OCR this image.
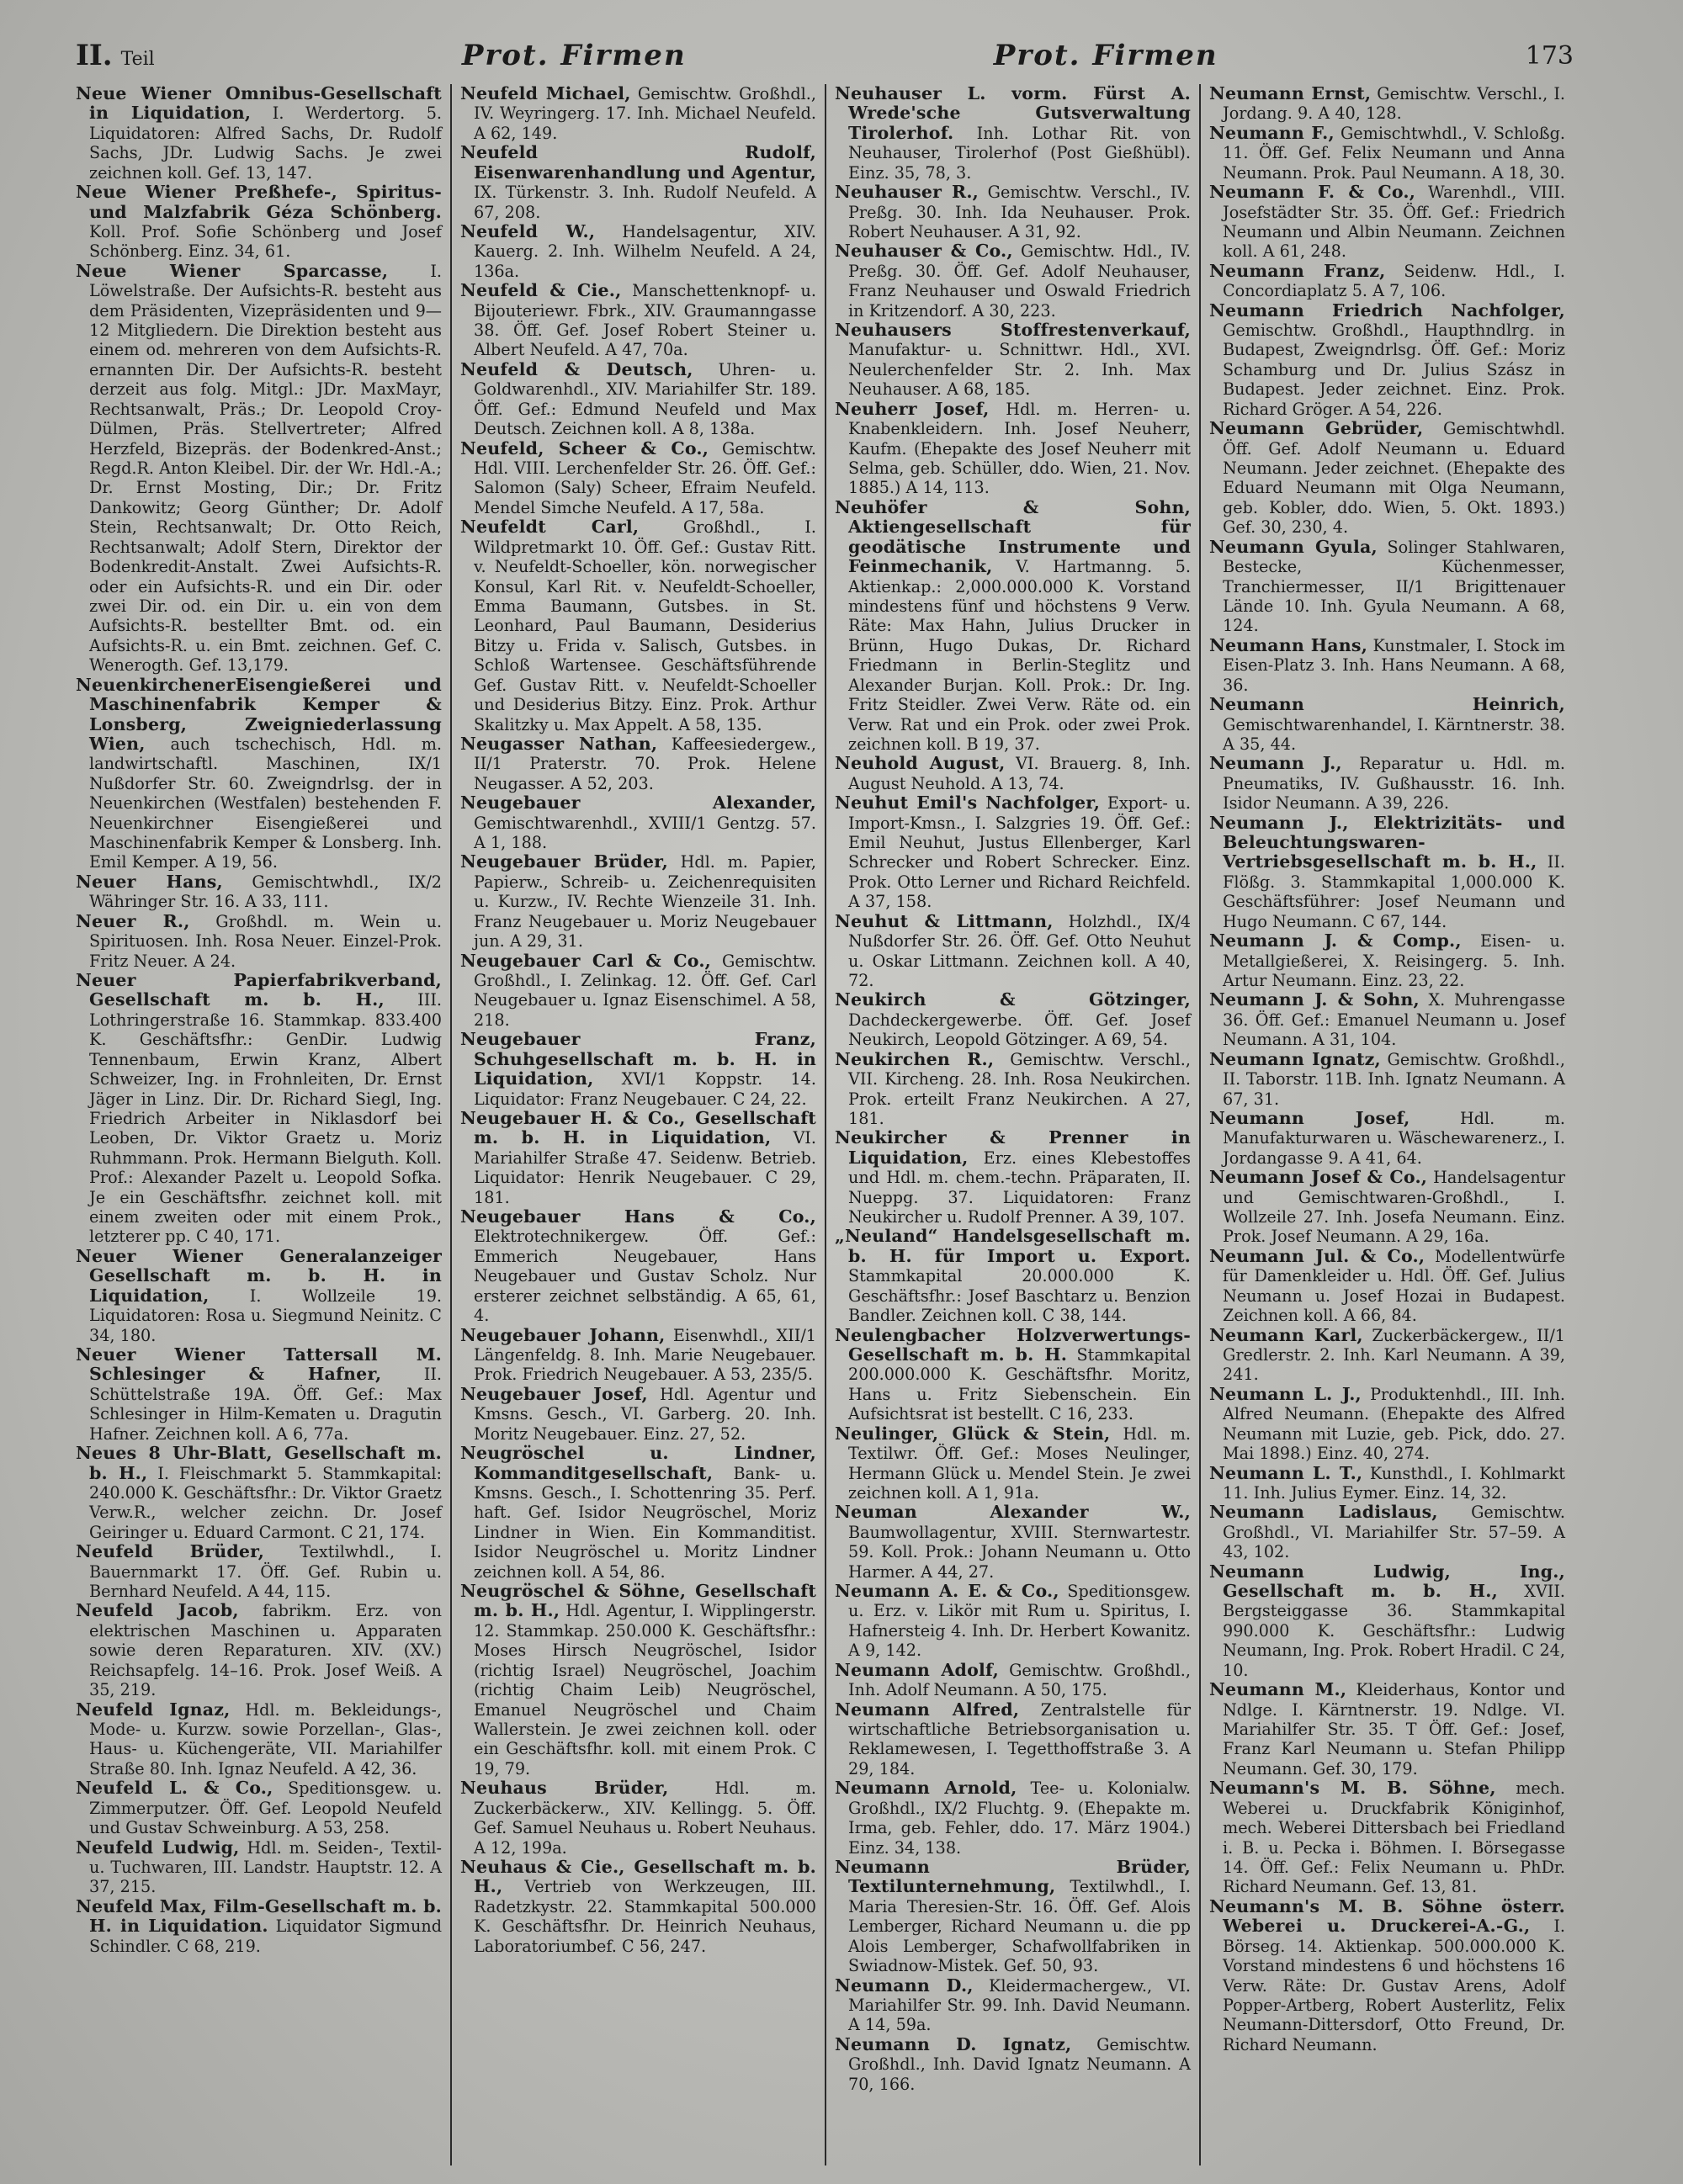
II. Teil	Prot. Firmen	Prot. Firmen	173

Neue Wiener Omnibus-Gesellschaft in Liquidation, I. Werdertorg. 5. Liquidatoren: Alfred Sachs, Dr. Rudolf Sachs, JDr. Ludwig Sachs. Je zwei zeichnen koll. Gef. 13, 147.

Neue Wiener Preßhefe-, Spiritus- und Malzfabrik Géza Schönberg. Koll. Prof. Sofie Schönberg und Josef Schönberg. Einz. 34, 61.

Neue Wiener Sparcasse, I. Löwelstraße. Der Aufsichts-R. besteht aus dem Präsidenten, Vizepräsidenten und 9—12 Mitgliedern. Die Direktion besteht aus einem od. mehreren von dem Aufsichts-R. ernannten Dir. Der Aufsichts-R. besteht derzeit aus folg. Mitgl.: JDr. MaxMayr, Rechtsanwalt, Präs.; Dr. Leopold Croy-Dülmen, Präs. Stellvertreter; Alfred Herzfeld, Bizepräs. der Bodenkred-Anst.; Regd.R. Anton Kleibel. Dir. der Wr. Hdl.-A.; Dr. Ernst Mosting, Dir.; Dr. Fritz Dankowitz; Georg Günther; Dr. Adolf Stein, Rechtsanwalt; Dr. Otto Reich, Rechtsanwalt; Adolf Stern, Direktor der Bodenkredit-Anstalt. Zwei Aufsichts-R. oder ein Aufsichts-R. und ein Dir. oder zwei Dir. od. ein Dir. u. ein von dem Aufsichts-R. bestellter Bmt. od. ein Aufsichts-R. u. ein Bmt. zeichnen. Gef. C. Wenerogth. Gef. 13,179.

NeuenkirchenerEisengießerei und Maschinenfabrik Kemper & Lonsberg, Zweigniederlassung Wien, auch tschechisch, Hdl. m. landwirtschaftl. Maschinen, IX/1 Nußdorfer Str. 60. Zweigndrlsg. der in Neuenkirchen (Westfalen) bestehenden F. Neuenkirchner Eisengießerei und Maschinenfabrik Kemper & Lonsberg. Inh. Emil Kemper. A 19, 56.

Neuer Hans, Gemischtwhdl., IX/2 Währinger Str. 16. A 33, 111.

Neuer R., Großhdl. m. Wein u. Spirituosen. Inh. Rosa Neuer. Einzel-Prok. Fritz Neuer. A 24.

Neuer Papierfabrikverband, Gesellschaft m. b. H., III. Lothringerstraße 16. Stammkap. 833.400 K. Geschäftsfhr.: GenDir. Ludwig Tennenbaum, Erwin Kranz, Albert Schweizer, Ing. in Frohnleiten, Dr. Ernst Jäger in Linz. Dir. Dr. Richard Siegl, Ing. Friedrich Arbeiter in Niklasdorf bei Leoben, Dr. Viktor Graetz u. Moriz Ruhmmann. Prok. Hermann Bielguth. Koll. Prof.: Alexander Pazelt u. Leopold Sofka. Je ein Geschäftsfhr. zeichnet koll. mit einem zweiten oder mit einem Prok., letzterer pp. C 40, 171.

Neuer Wiener Generalanzeiger Gesellschaft m. b. H. in Liquidation, I. Wollzeile 19. Liquidatoren: Rosa u. Siegmund Neinitz. C 34, 180.

Neuer Wiener Tattersall M. Schlesinger & Hafner, II. Schüttelstraße 19A. Öff. Gef.: Max Schlesinger in Hilm-Kematen u. Dragutin Hafner. Zeichnen koll. A 6, 77a.

Neues 8 Uhr-Blatt, Gesellschaft m. b. H., I. Fleischmarkt 5. Stammkapital: 240.000 K. Geschäftsfhr.: Dr. Viktor Graetz Verw.R., welcher zeichn. Dr. Josef Geiringer u. Eduard Carmont. C 21, 174.

Neufeld Brüder, Textilwhdl., I. Bauernmarkt 17. Öff. Gef. Rubin u. Bernhard Neufeld. A 44, 115.

Neufeld Jacob, fabrikm. Erz. von elektrischen Maschinen u. Apparaten sowie deren Reparaturen. XIV. (XV.) Reichsapfelg. 14–16. Prok. Josef Weiß. A 35, 219.

Neufeld Ignaz, Hdl. m. Bekleidungs-, Mode- u. Kurzw. sowie Porzellan-, Glas-, Haus- u. Küchengeräte, VII. Mariahilfer Straße 80. Inh. Ignaz Neufeld. A 42, 36.

Neufeld L. & Co., Speditionsgew. u. Zimmerputzer. Öff. Gef. Leopold Neufeld und Gustav Schweinburg. A 53, 258.

Neufeld Ludwig, Hdl. m. Seiden-, Textil- u. Tuchwaren, III. Landstr. Hauptstr. 12. A 37, 215.

Neufeld Max, Film-Gesellschaft m. b. H. in Liquidation. Liquidator Sigmund Schindler. C 68, 219.

Neufeld Michael, Gemischtw. Großhdl., IV. Weyringerg. 17. Inh. Michael Neufeld. A 62, 149.

Neufeld Rudolf, Eisenwarenhandlung und Agentur, IX. Türkenstr. 3. Inh. Rudolf Neufeld. A 67, 208.

Neufeld W., Handelsagentur, XIV. Kauerg. 2. Inh. Wilhelm Neufeld. A 24, 136a.

Neufeld & Cie., Manschettenknopf- u. Bijouteriewr. Fbrk., XIV. Graumanngasse 38. Öff. Gef. Josef Robert Steiner u. Albert Neufeld. A 47, 70a.

Neufeld & Deutsch, Uhren- u. Goldwarenhdl., XIV. Mariahilfer Str. 189. Öff. Gef.: Edmund Neufeld und Max Deutsch. Zeichnen koll. A 8, 138a.

Neufeld, Scheer & Co., Gemischtw. Hdl. VIII. Lerchenfelder Str. 26. Öff. Gef.: Salomon (Saly) Scheer, Efraim Neufeld. Mendel Simche Neufeld. A 17, 58a.

Neufeldt Carl, Großhdl., I. Wildpretmarkt 10. Öff. Gef.: Gustav Ritt. v. Neufeldt-Schoeller, kön. norwegischer Konsul, Karl Rit. v. Neufeldt-Schoeller, Emma Baumann, Gutsbes. in St. Leonhard, Paul Baumann, Desiderius Bitzy u. Frida v. Salisch, Gutsbes. in Schloß Wartensee. Geschäftsführende Gef. Gustav Ritt. v. Neufeldt-Schoeller und Desiderius Bitzy. Einz. Prok. Arthur Skalitzky u. Max Appelt. A 58, 135.

Neugasser Nathan, Kaffeesiedergew., II/1 Praterstr. 70. Prok. Helene Neugasser. A 52, 203.

Neugebauer Alexander, Gemischtwarenhdl., XVIII/1 Gentzg. 57. A 1, 188.

Neugebauer Brüder, Hdl. m. Papier, Papierw., Schreib- u. Zeichenrequisiten u. Kurzw., IV. Rechte Wienzeile 31. Inh. Franz Neugebauer u. Moriz Neugebauer jun. A 29, 31.

Neugebauer Carl & Co., Gemischtw. Großhdl., I. Zelinkag. 12. Öff. Gef. Carl Neugebauer u. Ignaz Eisenschimel. A 58, 218.

Neugebauer Franz, Schuhgesellschaft m. b. H. in Liquidation, XVI/1 Koppstr. 14. Liquidator: Franz Neugebauer. C 24, 22.

Neugebauer H. & Co., Gesellschaft m. b. H. in Liquidation, VI. Mariahilfer Straße 47. Seidenw. Betrieb. Liquidator: Henrik Neugebauer. C 29, 181.

Neugebauer Hans & Co., Elektrotechnikergew. Öff. Gef.: Emmerich Neugebauer, Hans Neugebauer und Gustav Scholz. Nur ersterer zeichnet selbständig. A 65, 61, 4.

Neugebauer Johann, Eisenwhdl., XII/1 Längenfeldg. 8. Inh. Marie Neugebauer. Prok. Friedrich Neugebauer. A 53, 235/5.

Neugebauer Josef, Hdl. Agentur und Kmsns. Gesch., VI. Garberg. 20. Inh. Moritz Neugebauer. Einz. 27, 52.

Neugröschel u. Lindner, Kommanditgesellschaft, Bank- u. Kmsns. Gesch., I. Schottenring 35. Perf. haft. Gef. Isidor Neugröschel, Moriz Lindner in Wien. Ein Kommanditist. Isidor Neugröschel u. Moritz Lindner zeichnen koll. A 54, 86.

Neugröschel & Söhne, Gesellschaft m. b. H., Hdl. Agentur, I. Wipplingerstr. 12. Stammkap. 250.000 K. Geschäftsfhr.: Moses Hirsch Neugröschel, Isidor (richtig Israel) Neugröschel, Joachim (richtig Chaim Leib) Neugröschel, Emanuel Neugröschel und Chaim Wallerstein. Je zwei zeichnen koll. oder ein Geschäftsfhr. koll. mit einem Prok. C 19, 79.

Neuhaus Brüder, Hdl. m. Zuckerbäckerw., XIV. Kellingg. 5. Öff. Gef. Samuel Neuhaus u. Robert Neuhaus. A 12, 199a.

Neuhaus & Cie., Gesellschaft m. b. H., Vertrieb von Werkzeugen, III. Radetzkystr. 22. Stammkapital 500.000 K. Geschäftsfhr. Dr. Heinrich Neuhaus, Laboratoriumbef. C 56, 247.

Neuhauser L. vorm. Fürst A. Wrede'sche Gutsverwaltung Tirolerhof. Inh. Lothar Rit. von Neuhauser, Tirolerhof (Post Gießhübl). Einz. 35, 78, 3.

Neuhauser R., Gemischtw. Verschl., IV. Preßg. 30. Inh. Ida Neuhauser. Prok. Robert Neuhauser. A 31, 92.

Neuhauser & Co., Gemischtw. Hdl., IV. Preßg. 30. Öff. Gef. Adolf Neuhauser, Franz Neuhauser und Oswald Friedrich in Kritzendorf. A 30, 223.

Neuhausers Stoffrestenverkauf, Manufaktur- u. Schnittwr. Hdl., XVI. Neulerchenfelder Str. 2. Inh. Max Neuhauser. A 68, 185.

Neuherr Josef, Hdl. m. Herren- u. Knabenkleidern. Inh. Josef Neuherr, Kaufm. (Ehepakte des Josef Neuherr mit Selma, geb. Schüller, ddo. Wien, 21. Nov. 1885.) A 14, 113.

Neuhöfer & Sohn, Aktiengesellschaft für geodätische Instrumente und Feinmechanik, V. Hartmanng. 5. Aktienkap.: 2,000.000.000 K. Vorstand mindestens fünf und höchstens 9 Verw. Räte: Max Hahn, Julius Drucker in Brünn, Hugo Dukas, Dr. Richard Friedmann in Berlin-Steglitz und Alexander Burjan. Koll. Prok.: Dr. Ing. Fritz Steidler. Zwei Verw. Räte od. ein Verw. Rat und ein Prok. oder zwei Prok. zeichnen koll. B 19, 37.

Neuhold August, VI. Brauerg. 8, Inh. August Neuhold. A 13, 74.

Neuhut Emil's Nachfolger, Export- u. Import-Kmsn., I. Salzgries 19. Öff. Gef.: Emil Neuhut, Justus Ellenberger, Karl Schrecker und Robert Schrecker. Einz. Prok. Otto Lerner und Richard Reichfeld. A 37, 158.

Neuhut & Littmann, Holzhdl., IX/4 Nußdorfer Str. 26. Öff. Gef. Otto Neuhut u. Oskar Littmann. Zeichnen koll. A 40, 72.

Neukirch & Götzinger, Dachdeckergewerbe. Öff. Gef. Josef Neukirch, Leopold Götzinger. A 69, 54.

Neukirchen R., Gemischtw. Verschl., VII. Kircheng. 28. Inh. Rosa Neukirchen. Prok. erteilt Franz Neukirchen. A 27, 181.

Neukircher & Prenner in Liquidation, Erz. eines Klebestoffes und Hdl. m. chem.-techn. Präparaten, II. Nueppg. 37. Liquidatoren: Franz Neukircher u. Rudolf Prenner. A 39, 107.

„Neuland“ Handelsgesellschaft m. b. H. für Import u. Export. Stammkapital 20.000.000 K. Geschäftsfhr.: Josef Baschtarz u. Benzion Bandler. Zeichnen koll. C 38, 144.

Neulengbacher Holzverwertungs-Gesellschaft m. b. H. Stammkapital 200.000.000 K. Geschäftsfhr. Moritz, Hans u. Fritz Siebenschein. Ein Aufsichtsrat ist bestellt. C 16, 233.

Neulinger, Glück & Stein, Hdl. m. Textilwr. Öff. Gef.: Moses Neulinger, Hermann Glück u. Mendel Stein. Je zwei zeichnen koll. A 1, 91a.

Neuman Alexander W., Baumwollagentur, XVIII. Sternwartestr. 59. Koll. Prok.: Johann Neumann u. Otto Harmer. A 44, 27.

Neumann A. E. & Co., Speditionsgew. u. Erz. v. Likör mit Rum u. Spiritus, I. Hafnersteig 4. Inh. Dr. Herbert Kowanitz. A 9, 142.

Neumann Adolf, Gemischtw. Großhdl., Inh. Adolf Neumann. A 50, 175.

Neumann Alfred, Zentralstelle für wirtschaftliche Betriebsorganisation u. Reklamewesen, I. Tegetthoffstraße 3. A 29, 184.

Neumann Arnold, Tee- u. Kolonialw. Großhdl., IX/2 Fluchtg. 9. (Ehepakte m. Irma, geb. Fehler, ddo. 17. März 1904.) Einz. 34, 138.

Neumann Brüder, Textilunternehmung, Textilwhdl., I. Maria Theresien-Str. 16. Öff. Gef. Alois Lemberger, Richard Neumann u. die pp Alois Lemberger, Schafwollfabriken in Swiadnow-Mistek. Gef. 50, 93.

Neumann D., Kleidermachergew., VI. Mariahilfer Str. 99. Inh. David Neumann. A 14, 59a.

Neumann D. Ignatz, Gemischtw. Großhdl., Inh. David Ignatz Neumann. A 70, 166.

Neumann Ernst, Gemischtw. Verschl., I. Jordang. 9. A 40, 128.

Neumann F., Gemischtwhdl., V. Schloßg. 11. Öff. Gef. Felix Neumann und Anna Neumann. Prok. Paul Neumann. A 18, 30.

Neumann F. & Co., Warenhdl., VIII. Josefstädter Str. 35. Öff. Gef.: Friedrich Neumann und Albin Neumann. Zeichnen koll. A 61, 248.

Neumann Franz, Seidenw. Hdl., I. Concordiaplatz 5. A 7, 106.

Neumann Friedrich Nachfolger, Gemischtw. Großhdl., Haupthndlrg. in Budapest, Zweigndrlsg. Öff. Gef.: Moriz Schamburg und Dr. Julius Szász in Budapest. Jeder zeichnet. Einz. Prok. Richard Gröger. A 54, 226.

Neumann Gebrüder, Gemischtwhdl. Öff. Gef. Adolf Neumann u. Eduard Neumann. Jeder zeichnet. (Ehepakte des Eduard Neumann mit Olga Neumann, geb. Kobler, ddo. Wien, 5. Okt. 1893.) Gef. 30, 230, 4.

Neumann Gyula, Solinger Stahlwaren, Bestecke, Küchenmesser, Tranchiermesser, II/1 Brigittenauer Lände 10. Inh. Gyula Neumann. A 68, 124.

Neumann Hans, Kunstmaler, I. Stock im Eisen-Platz 3. Inh. Hans Neumann. A 68, 36.

Neumann Heinrich, Gemischtwarenhandel, I. Kärntnerstr. 38. A 35, 44.

Neumann J., Reparatur u. Hdl. m. Pneumatiks, IV. Gußhausstr. 16. Inh. Isidor Neumann. A 39, 226.

Neumann J., Elektrizitäts- und Beleuchtungswaren-Vertriebsgesellschaft m. b. H., II. Flößg. 3. Stammkapital 1,000.000 K. Geschäftsführer: Josef Neumann und Hugo Neumann. C 67, 144.

Neumann J. & Comp., Eisen- u. Metallgießerei, X. Reisingerg. 5. Inh. Artur Neumann. Einz. 23, 22.

Neumann J. & Sohn, X. Muhrengasse 36. Öff. Gef.: Emanuel Neumann u. Josef Neumann. A 31, 104.

Neumann Ignatz, Gemischtw. Großhdl., II. Taborstr. 11B. Inh. Ignatz Neumann. A 67, 31.

Neumann Josef, Hdl. m. Manufakturwaren u. Wäschewarenerz., I. Jordangasse 9. A 41, 64.

Neumann Josef & Co., Handelsagentur und Gemischtwaren-Großhdl., I. Wollzeile 27. Inh. Josefa Neumann. Einz. Prok. Josef Neumann. A 29, 16a.

Neumann Jul. & Co., Modellentwürfe für Damenkleider u. Hdl. Öff. Gef. Julius Neumann u. Josef Hozai in Budapest. Zeichnen koll. A 66, 84.

Neumann Karl, Zuckerbäckergew., II/1 Gredlerstr. 2. Inh. Karl Neumann. A 39, 241.

Neumann L. J., Produktenhdl., III. Inh. Alfred Neumann. (Ehepakte des Alfred Neumann mit Luzie, geb. Pick, ddo. 27. Mai 1898.) Einz. 40, 274.

Neumann L. T., Kunsthdl., I. Kohlmarkt 11. Inh. Julius Eymer. Einz. 14, 32.

Neumann Ladislaus, Gemischtw. Großhdl., VI. Mariahilfer Str. 57–59. A 43, 102.

Neumann Ludwig, Ing., Gesellschaft m. b. H., XVII. Bergsteiggasse 36. Stammkapital 990.000 K. Geschäftsfhr.: Ludwig Neumann, Ing. Prok. Robert Hradil. C 24, 10.

Neumann M., Kleiderhaus, Kontor und Ndlge. I. Kärntnerstr. 19. Ndlge. VI. Mariahilfer Str. 35. T Öff. Gef.: Josef, Franz Karl Neumann u. Stefan Philipp Neumann. Gef. 30, 179.

Neumann's M. B. Söhne, mech. Weberei u. Druckfabrik Königinhof, mech. Weberei Dittersbach bei Friedland i. B. u. Pecka i. Böhmen. I. Börsegasse 14. Öff. Gef.: Felix Neumann u. PhDr. Richard Neumann. Gef. 13, 81.

Neumann's M. B. Söhne österr. Weberei u. Druckerei-A.-G., I. Börseg. 14. Aktienkap. 500.000.000 K. Vorstand mindestens 6 und höchstens 16 Verw. Räte: Dr. Gustav Arens, Adolf Popper-Artberg, Robert Austerlitz, Felix Neumann-Dittersdorf, Otto Freund, Dr. Richard Neumann.
